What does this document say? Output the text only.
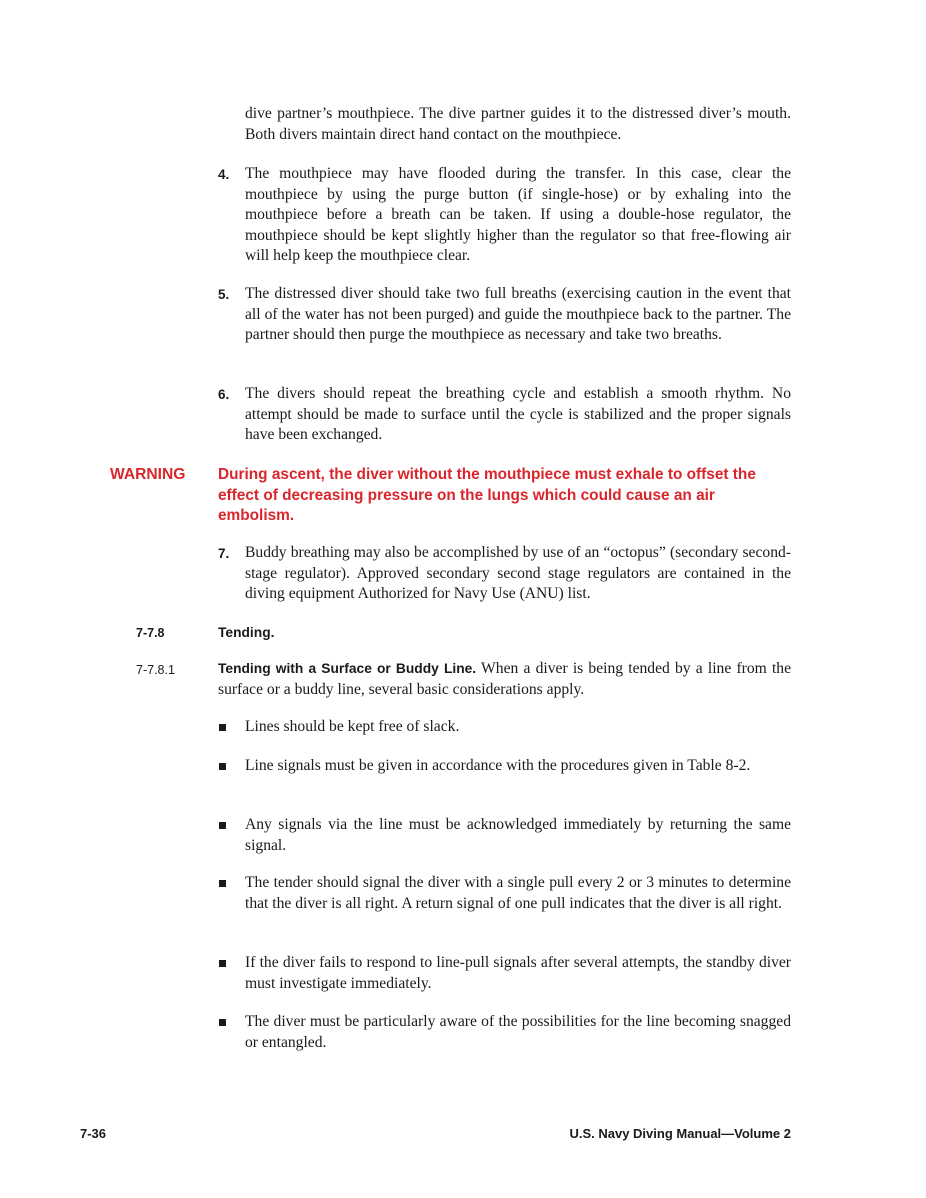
dive partner’s mouthpiece. The dive partner guides it to the distressed diver’s mouth. Both divers maintain direct hand contact on the mouthpiece.
4. The mouthpiece may have flooded during the transfer. In this case, clear the mouthpiece by using the purge button (if single-hose) or by exhaling into the mouthpiece before a breath can be taken. If using a double-hose regulator, the mouthpiece should be kept slightly higher than the regulator so that free-flowing air will help keep the mouthpiece clear.
5. The distressed diver should take two full breaths (exercising caution in the event that all of the water has not been purged) and guide the mouthpiece back to the partner. The partner should then purge the mouthpiece as necessary and take two breaths.
6. The divers should repeat the breathing cycle and establish a smooth rhythm. No attempt should be made to surface until the cycle is stabilized and the proper signals have been exchanged.
WARNING During ascent, the diver without the mouthpiece must exhale to offset the effect of decreasing pressure on the lungs which could cause an air embolism.
7. Buddy breathing may also be accomplished by use of an “octopus” (secondary second-stage regulator). Approved secondary second stage regulators are contained in the diving equipment Authorized for Navy Use (ANU) list.
7-7.8	Tending.
7-7.8.1	Tending with a Surface or Buddy Line. When a diver is being tended by a line from the surface or a buddy line, several basic considerations apply.
Lines should be kept free of slack.
Line signals must be given in accordance with the procedures given in Table 8-2.
Any signals via the line must be acknowledged immediately by returning the same signal.
The tender should signal the diver with a single pull every 2 or 3 minutes to determine that the diver is all right. A return signal of one pull indicates that the diver is all right.
If the diver fails to respond to line-pull signals after several attempts, the standby diver must investigate immediately.
The diver must be particularly aware of the possibilities for the line becoming snagged or entangled.
7-36	U.S. Navy Diving Manual—Volume 2
